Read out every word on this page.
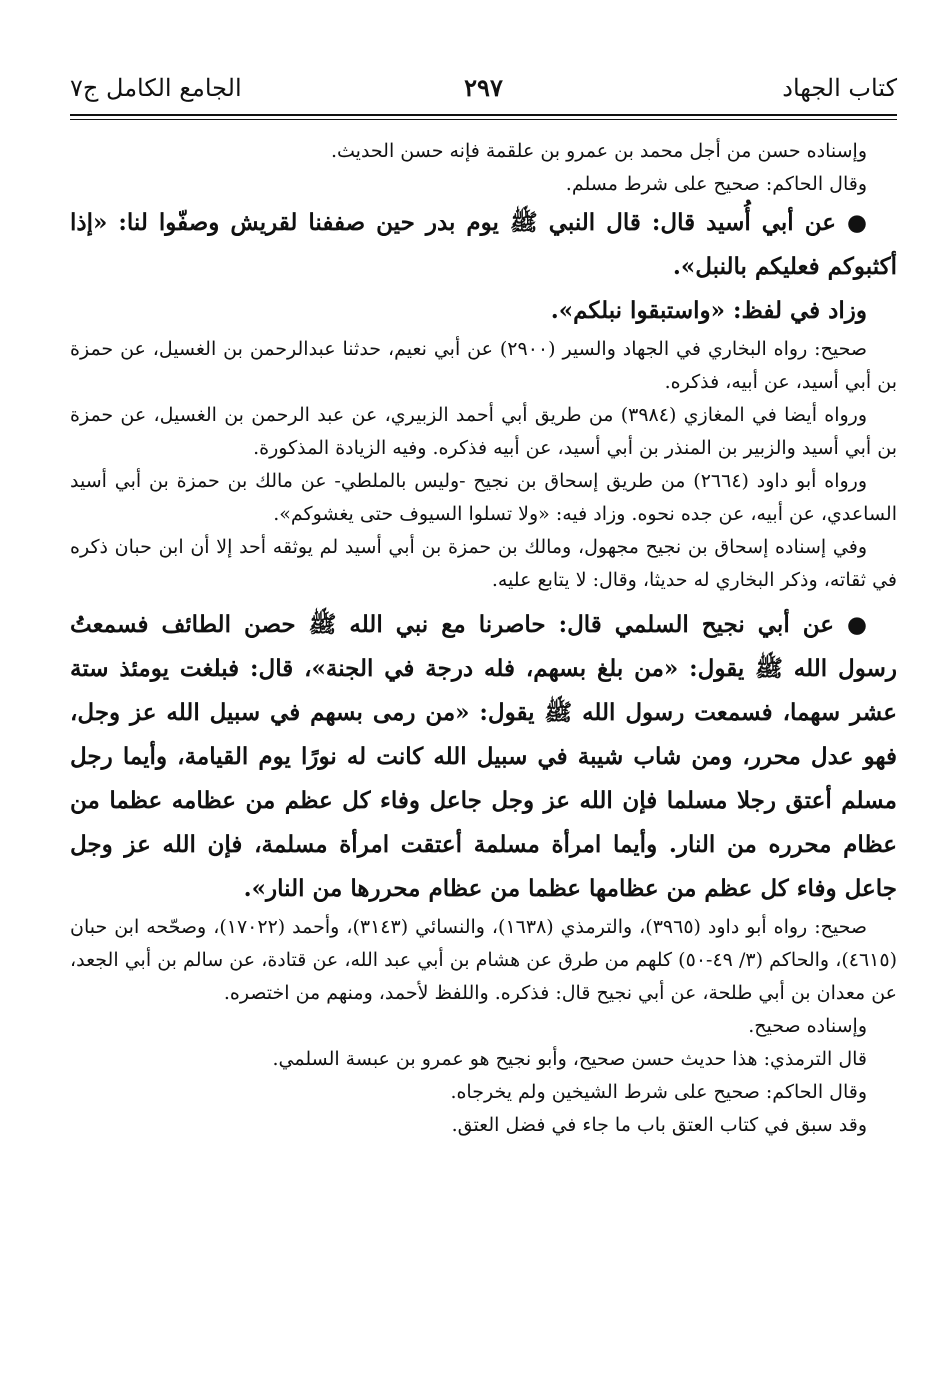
كتاب الجهاد
٢٩٧
الجامع الكامل ج٧

وإسناده حسن من أجل محمد بن عمرو بن علقمة فإنه حسن الحديث.

وقال الحاكم: صحيح على شرط مسلم.

● عن أبي أُسيد قال: قال النبي ﷺ يوم بدر حين صففنا لقريش وصفّوا لنا: «إذا أكثبوكم فعليكم بالنبل».

وزاد في لفظ: «واستبقوا نبلكم».

صحيح: رواه البخاري في الجهاد والسير (٢٩٠٠) عن أبي نعيم، حدثنا عبدالرحمن بن الغسيل، عن حمزة بن أبي أسيد، عن أبيه، فذكره.

ورواه أيضا في المغازي (٣٩٨٤) من طريق أبي أحمد الزبيري، عن عبد الرحمن بن الغسيل، عن حمزة بن أبي أسيد والزبير بن المنذر بن أبي أسيد، عن أبيه فذكره. وفيه الزيادة المذكورة.

ورواه أبو داود (٢٦٦٤) من طريق إسحاق بن نجيح -وليس بالملطي- عن مالك بن حمزة بن أبي أسيد الساعدي، عن أبيه، عن جده نحوه. وزاد فيه: «ولا تسلوا السيوف حتى يغشوكم».

وفي إسناده إسحاق بن نجيح مجهول، ومالك بن حمزة بن أبي أسيد لم يوثقه أحد إلا أن ابن حبان ذكره في ثقاته، وذكر البخاري له حديثا، وقال: لا يتابع عليه.

● عن أبي نجيح السلمي قال: حاصرنا مع نبي الله ﷺ حصن الطائف فسمعتُ رسول الله ﷺ يقول: «من بلغ بسهم، فله درجة في الجنة»، قال: فبلغت يومئذ ستة عشر سهما، فسمعت رسول الله ﷺ يقول: «من رمى بسهم في سبيل الله عز وجل، فهو عدل محرر، ومن شاب شيبة في سبيل الله كانت له نورًا يوم القيامة، وأيما رجل مسلم أعتق رجلا مسلما فإن الله عز وجل جاعل وفاء كل عظم من عظامه عظما من عظام محرره من النار. وأيما امرأة مسلمة أعتقت امرأة مسلمة، فإن الله عز وجل جاعل وفاء كل عظم من عظامها عظما من عظام محررها من النار».

صحيح: رواه أبو داود (٣٩٦٥)، والترمذي (١٦٣٨)، والنسائي (٣١٤٣)، وأحمد (١٧٠٢٢)، وصحّحه ابن حبان (٤٦١٥)، والحاكم (٣/ ٤٩-٥٠) كلهم من طرق عن هشام بن أبي عبد الله، عن قتادة، عن سالم بن أبي الجعد، عن معدان بن أبي طلحة، عن أبي نجيح قال: فذكره. واللفظ لأحمد، ومنهم من اختصره.

وإسناده صحيح.

قال الترمذي: هذا حديث حسن صحيح، وأبو نجيح هو عمرو بن عبسة السلمي.

وقال الحاكم: صحيح على شرط الشيخين ولم يخرجاه.

وقد سبق في كتاب العتق باب ما جاء في فضل العتق.
